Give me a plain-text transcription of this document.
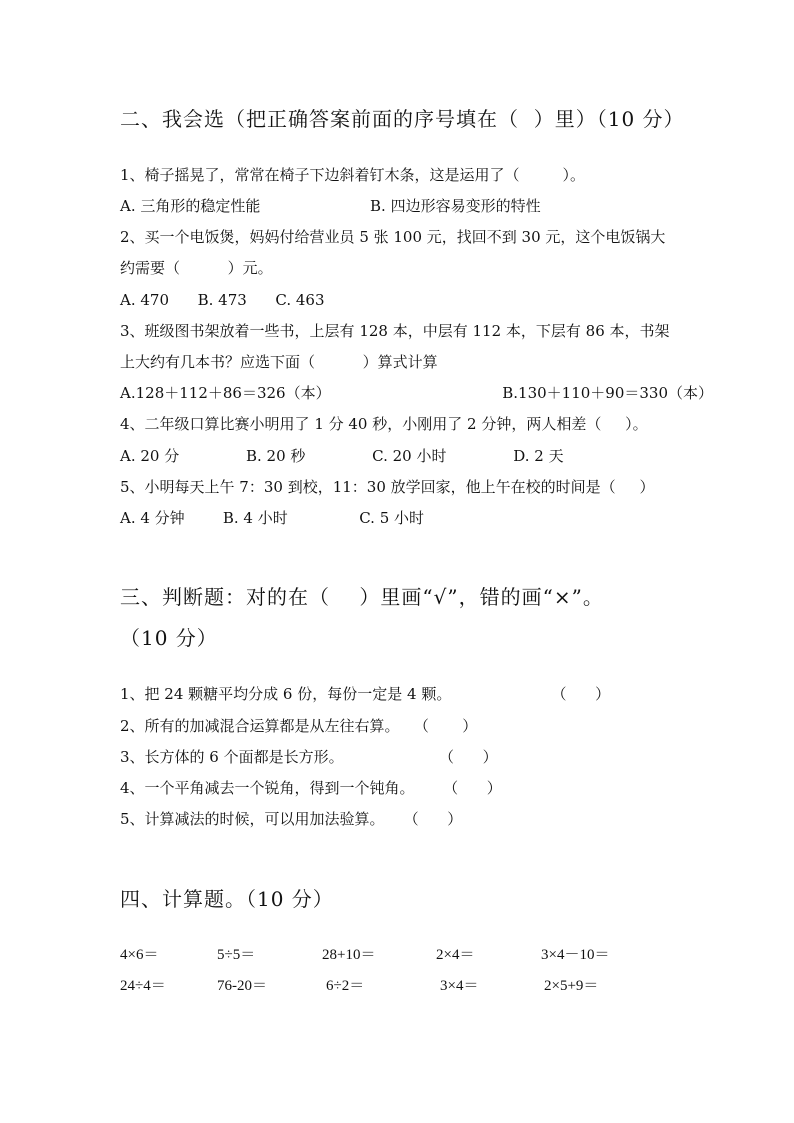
二、我会选（把正确答案前面的序号填在（  ）里）（10 分）
1、椅子摇晃了，常常在椅子下边斜着钉木条，这是运用了（         ）。
A. 三角形的稳定性能                       B. 四边形容易变形的特性
2、买一个电饭煲，妈妈付给营业员 5 张 100 元，找回不到 30 元，这个电饭锅大
约需要（          ）元。
A. 470      B. 473      C. 463
3、班级图书架放着一些书，上层有 128 本，中层有 112 本，下层有 86 本，书架
上大约有几本书？应选下面（          ）算式计算
A.128＋112＋86＝326（本）                                    B.130＋110＋90＝330（本）
4、二年级口算比赛小明用了 1 分 40 秒，小刚用了 2 分钟，两人相差（     ）。
A. 20 分              B. 20 秒              C. 20 小时              D. 2 天
5、小明每天上午 7：30 到校，11：30 放学回家，他上午在校的时间是（     ）
A. 4 分钟        B. 4 小时               C. 5 小时
三、判断题：对的在（    ）里画“√”，错的画“×”。
（10 分）
1、把 24 颗糖平均分成 6 份，每份一定是 4 颗。                     （      ）
2、所有的加减混合运算都是从左往右算。   （       ）
3、长方体的 6 个面都是长方形。                    （      ）
4、一个平角减去一个锐角，得到一个钝角。      （      ）
5、计算减法的时候，可以用加法验算。    （      ）
四、计算题。（10 分）
4×6＝	5÷5＝	28+10＝	2×4＝	3×4－10＝
24÷4＝	76-20＝	6÷2＝	3×4＝	2×5+9＝
